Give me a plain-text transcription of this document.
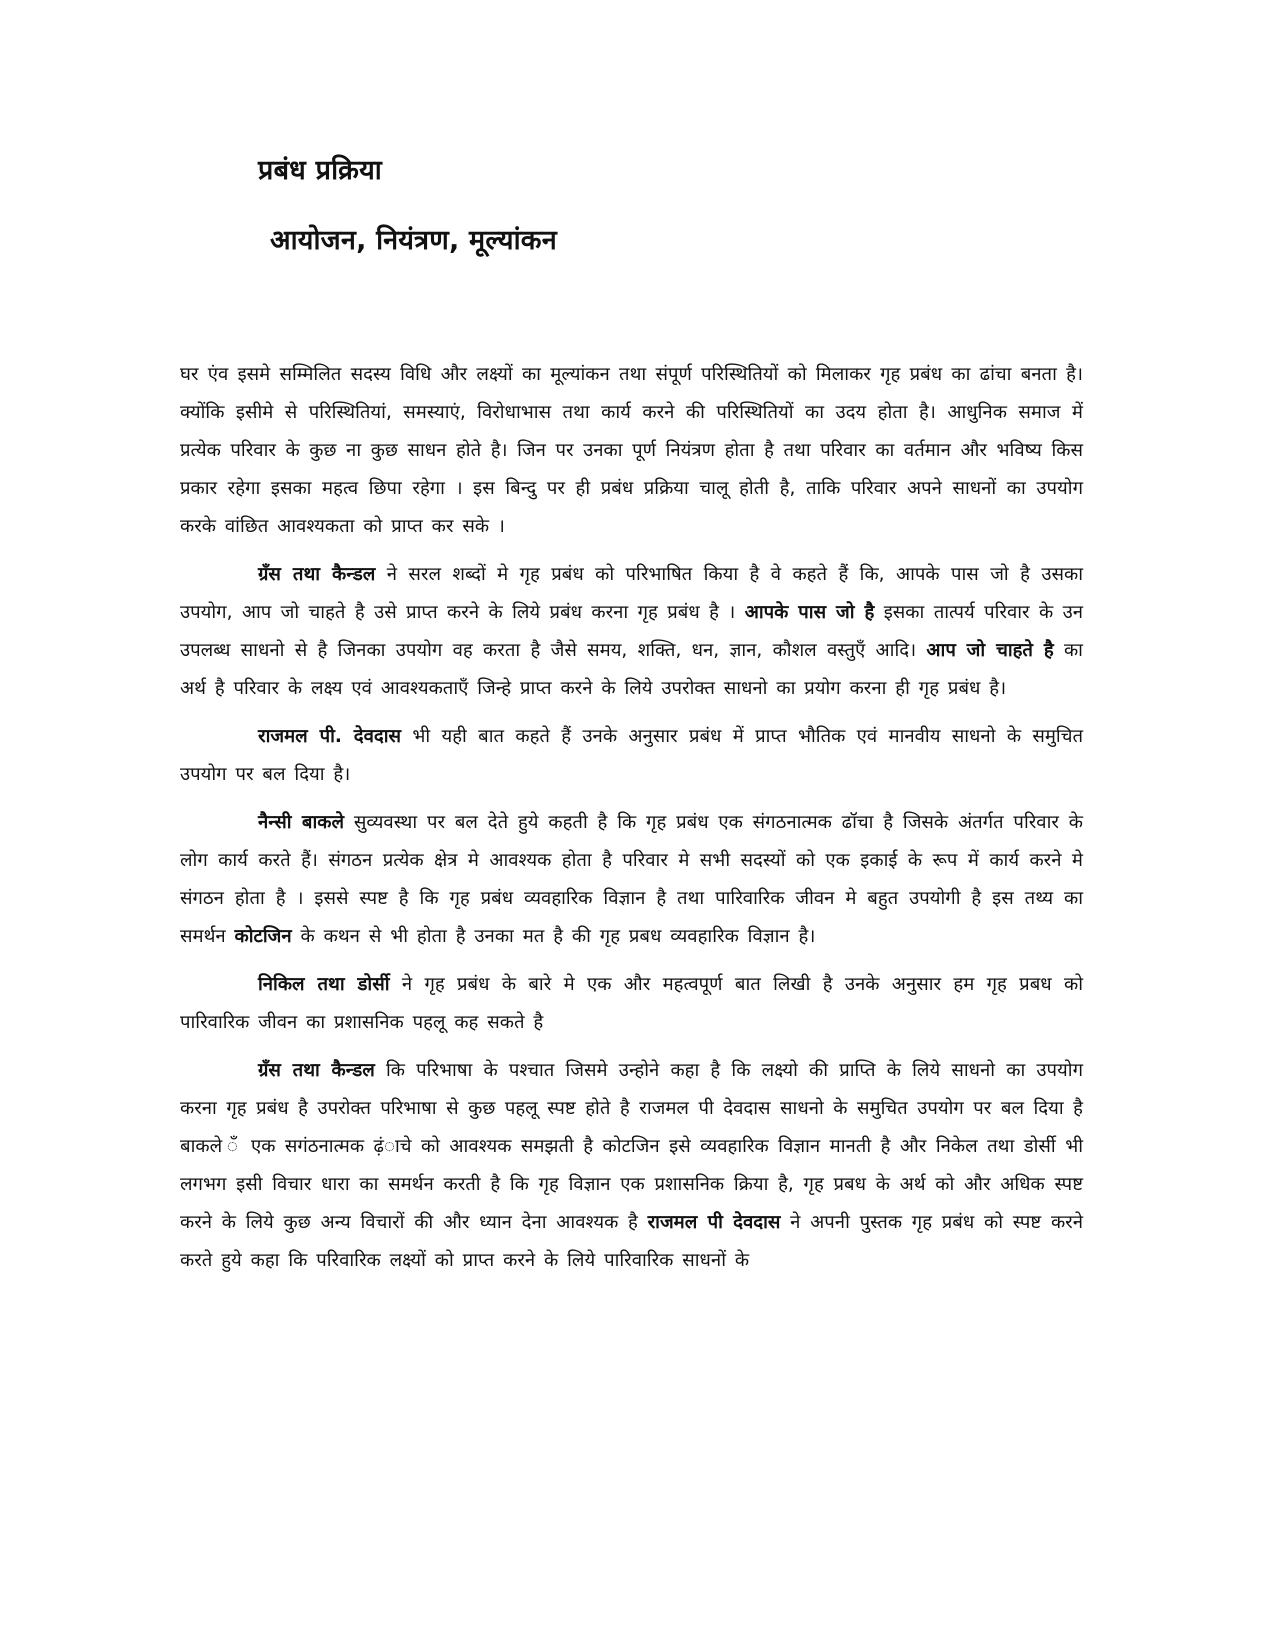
प्रबंध प्रक्रिया
आयोजन, नियंत्रण, मूल्यांकन

घर एंव इसमे सम्मिलित सदस्य विधि और लक्ष्यों का मूल्यांकन तथा संपूर्ण परिस्थितियों को मिलाकर गृह प्रबंध का ढांचा बनता है। क्योंकि इसीमे से परिस्थितियां, समस्याएं, विरोधाभास तथा कार्य करने की परिस्थितियों का उदय होता है। आधुनिक समाज में प्रत्येक परिवार के कुछ ना कुछ साधन होते है। जिन पर उनका पूर्ण नियंत्रण होता है तथा परिवार का वर्तमान और भविष्य किस प्रकार रहेगा इसका महत्व छिपा रहेगा । इस बिन्दु पर ही प्रबंध प्रक्रिया चालू होती है, ताकि परिवार अपने साधनों का उपयोग करके वांछित आवश्यकता को प्राप्त कर सके ।

ग्रॅंस तथा कैन्डल ने सरल शब्दों मे गृह प्रबंध को परिभाषित किया है वे कहते हैं कि, आपके पास जो है उसका उपयोग, आप जो चाहते है उसे प्राप्त करने के लिये प्रबंध करना गृह प्रबंध है । आपके पास जो है इसका तात्पर्य परिवार के उन उपलब्ध साधनो से है जिनका उपयोग वह करता है जैसे समय, शक्ति, धन, ज्ञान, कौशल वस्तुएँ आदि। आप जो चाहते है का अर्थ है परिवार के लक्ष्य एवं आवश्यकताएँ जिन्हे प्राप्त करने के लिये उपरोक्त साधनो का प्रयोग करना ही गृह प्रबंध है।

राजमल पी. देवदास भी यही बात कहते हैं उनके अनुसार प्रबंध में प्राप्त भौतिक एवं मानवीय साधनो के समुचित उपयोग पर बल दिया है।

नैन्सी बाकले सुव्यवस्था पर बल देते हुये कहती है कि गृह प्रबंध एक संगठनात्मक ढॉचा है जिसके अंतर्गत परिवार के लोग कार्य करते हैं। संगठन प्रत्येक क्षेत्र मे आवश्यक होता है परिवार मे सभी सदस्यों को एक इकाई के रूप में कार्य करने मे संगठन होता है । इससे स्पष्ट है कि गृह प्रबंध व्यवहारिक विज्ञान है तथा पारिवारिक जीवन मे बहुत उपयोगी है इस तथ्य का समर्थन कोटजिन के कथन से भी होता है उनका मत है की गृह प्रबध व्यवहारिक विज्ञान है।

निकिल तथा डोर्सी ने गृह प्रबंध के बारे मे एक और महत्वपूर्ण बात लिखी है उनके अनुसार हम गृह प्रबध को पारिवारिक जीवन का प्रशासनिक पहलू कह सकते है

ग्रॅंस तथा कैन्डल कि परिभाषा के पश्चात जिसमे उन्होने कहा है कि लक्ष्यो की प्राप्ति के लिये साधनो का उपयोग करना गृह प्रबंध है उपरोक्त परिभाषा से कुछ पहलू स्पष्ट होते है राजमल पी देवदास साधनो के समुचित उपयोग पर बल दिया है बाकले ँ एक सगंठनात्मक ढ़ंाचे को आवश्यक समझती है कोटजिन इसे व्यवहारिक विज्ञान मानती है और निकेल तथा डोर्सी भी लगभग इसी विचार धारा का समर्थन करती है कि गृह विज्ञान एक प्रशासनिक क्रिया है, गृह प्रबध के अर्थ को और अधिक स्पष्ट करने के लिये कुछ अन्य विचारों की और ध्यान देना आवश्यक है राजमल पी देवदास ने अपनी पुस्तक गृह प्रबंध को स्पष्ट करने करते हुये कहा कि परिवारिक लक्ष्यों को प्राप्त करने के लिये पारिवारिक साधनों के
